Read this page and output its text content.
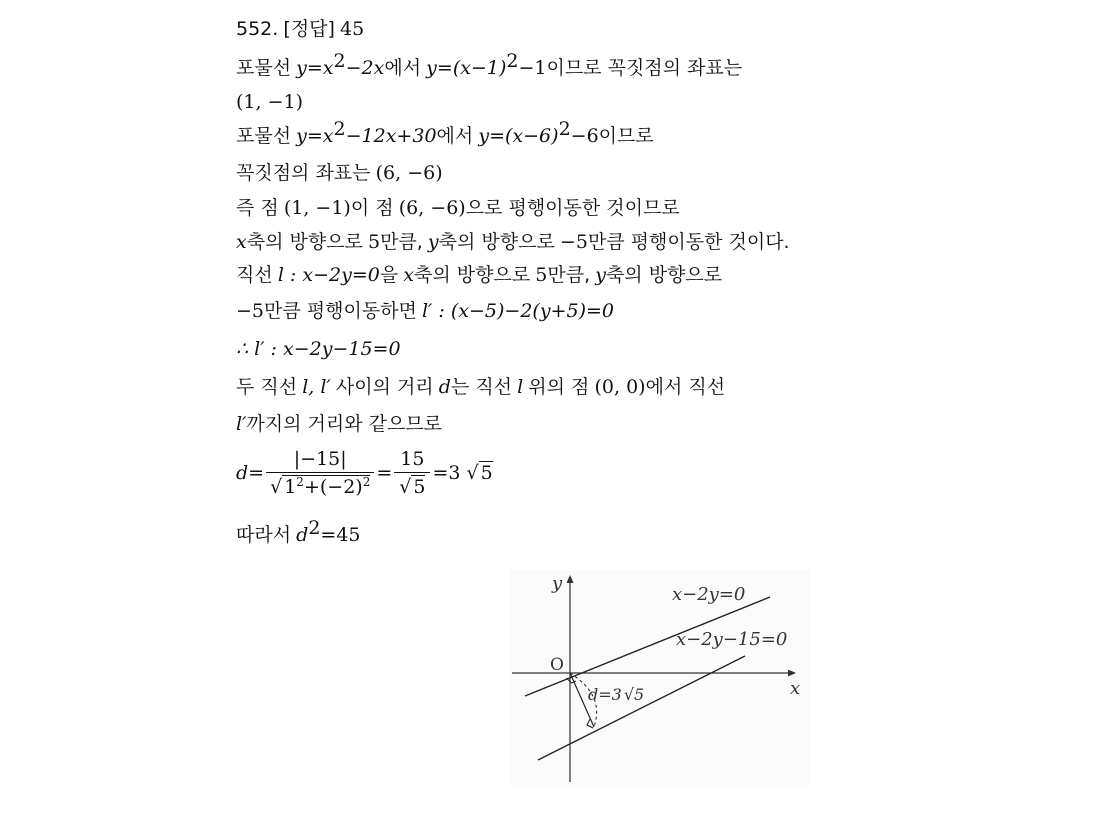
552. [정답] 45
포물선 $y=x^2-2x$에서 $y=(x-1)^2-1$이므로 꼭짓점의 좌표는
(1, −1)
포물선 $y=x^2-12x+30$에서 $y=(x-6)^2-6$이므로
꼭짓점의 좌표는 (6, −6)
즉 점 (1, −1)이 점 (6, −6)으로 평행이동한 것이므로
x축의 방향으로 5만큼, y축의 방향으로 −5만큼 평행이동한 것이다.
직선 l : x−2y=0을 x축의 방향으로 5만큼, y축의 방향으로
−5만큼 평행이동하면 l′ : (x−5)−2(y+5)=0
∴ l′ : x−2y−15=0
두 직선 l, l′ 사이의 거리 d는 직선 l 위의 점 (0, 0)에서 직선
l′까지의 거리와 같으므로
$d= \frac{|-15|}{√ 1^2+(-2)^2} = \frac{15}{√ 5} =3$ √ 5
따라서 $d^2=45$
y
x
O
x−2y=0
x−2y−15=0
d=3 √5
